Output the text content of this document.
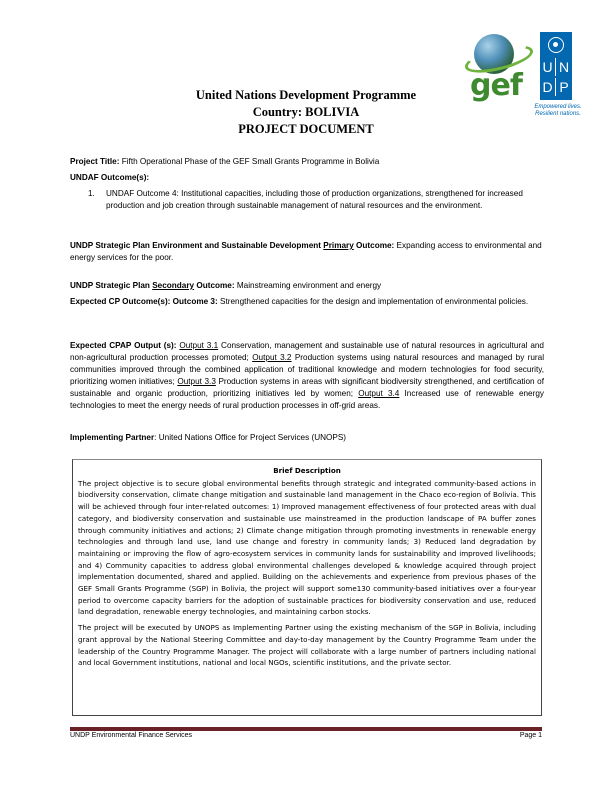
gef
U N
D P
Empowered lives. Resilient nations.
United Nations Development Programme
Country: BOLIVIA
PROJECT DOCUMENT
Project Title: Fifth Operational Phase of the GEF Small Grants Programme in Bolivia
UNDAF Outcome(s):
1. UNDAF Outcome 4: Institutional capacities, including those of production organizations, strengthened for increased production and job creation through sustainable management of natural resources and the environment.
UNDP Strategic Plan Environment and Sustainable Development Primary Outcome: Expanding access to environmental and energy services for the poor.
UNDP Strategic Plan Secondary Outcome: Mainstreaming environment and energy
Expected CP Outcome(s): Outcome 3: Strengthened capacities for the design and implementation of environmental policies.
Expected CPAP Output (s): Output 3.1 Conservation, management and sustainable use of natural resources in agricultural and non-agricultural production processes promoted; Output 3.2 Production systems using natural resources and managed by rural communities improved through the combined application of traditional knowledge and modern technologies for food security, prioritizing women initiatives; Output 3.3 Production systems in areas with significant biodiversity strengthened, and certification of sustainable and organic production, prioritizing initiatives led by women; Output 3.4 Increased use of renewable energy technologies to meet the energy needs of rural production processes in off-grid areas.
Implementing Partner: United Nations Office for Project Services (UNOPS)
Brief Description

The project objective is to secure global environmental benefits through strategic and integrated community-based actions in biodiversity conservation, climate change mitigation and sustainable land management in the Chaco eco-region of Bolivia. This will be achieved through four inter-related outcomes: 1) Improved management effectiveness of four protected areas with dual category, and biodiversity conservation and sustainable use mainstreamed in the production landscape of PA buffer zones through community initiatives and actions; 2) Climate change mitigation through promoting investments in renewable energy technologies and through land use, land use change and forestry in community lands; 3) Reduced land degradation by maintaining or improving the flow of agro-ecosystem services in community lands for sustainability and improved livelihoods; and 4) Community capacities to address global environmental challenges developed & knowledge acquired through project implementation documented, shared and applied. Building on the achievements and experience from previous phases of the GEF Small Grants Programme (SGP) in Bolivia, the project will support some130 community-based initiatives over a four-year period to overcome capacity barriers for the adoption of sustainable practices for biodiversity conservation and use, reduced land degradation, renewable energy technologies, and maintaining carbon stocks.

The project will be executed by UNOPS as Implementing Partner using the existing mechanism of the SGP in Bolivia, including grant approval by the National Steering Committee and day-to-day management by the Country Programme Team under the leadership of the Country Programme Manager. The project will collaborate with a large number of partners including national and local Government institutions, national and local NGOs, scientific institutions, and the private sector.

UNDP Environmental Finance Services	Page 1
